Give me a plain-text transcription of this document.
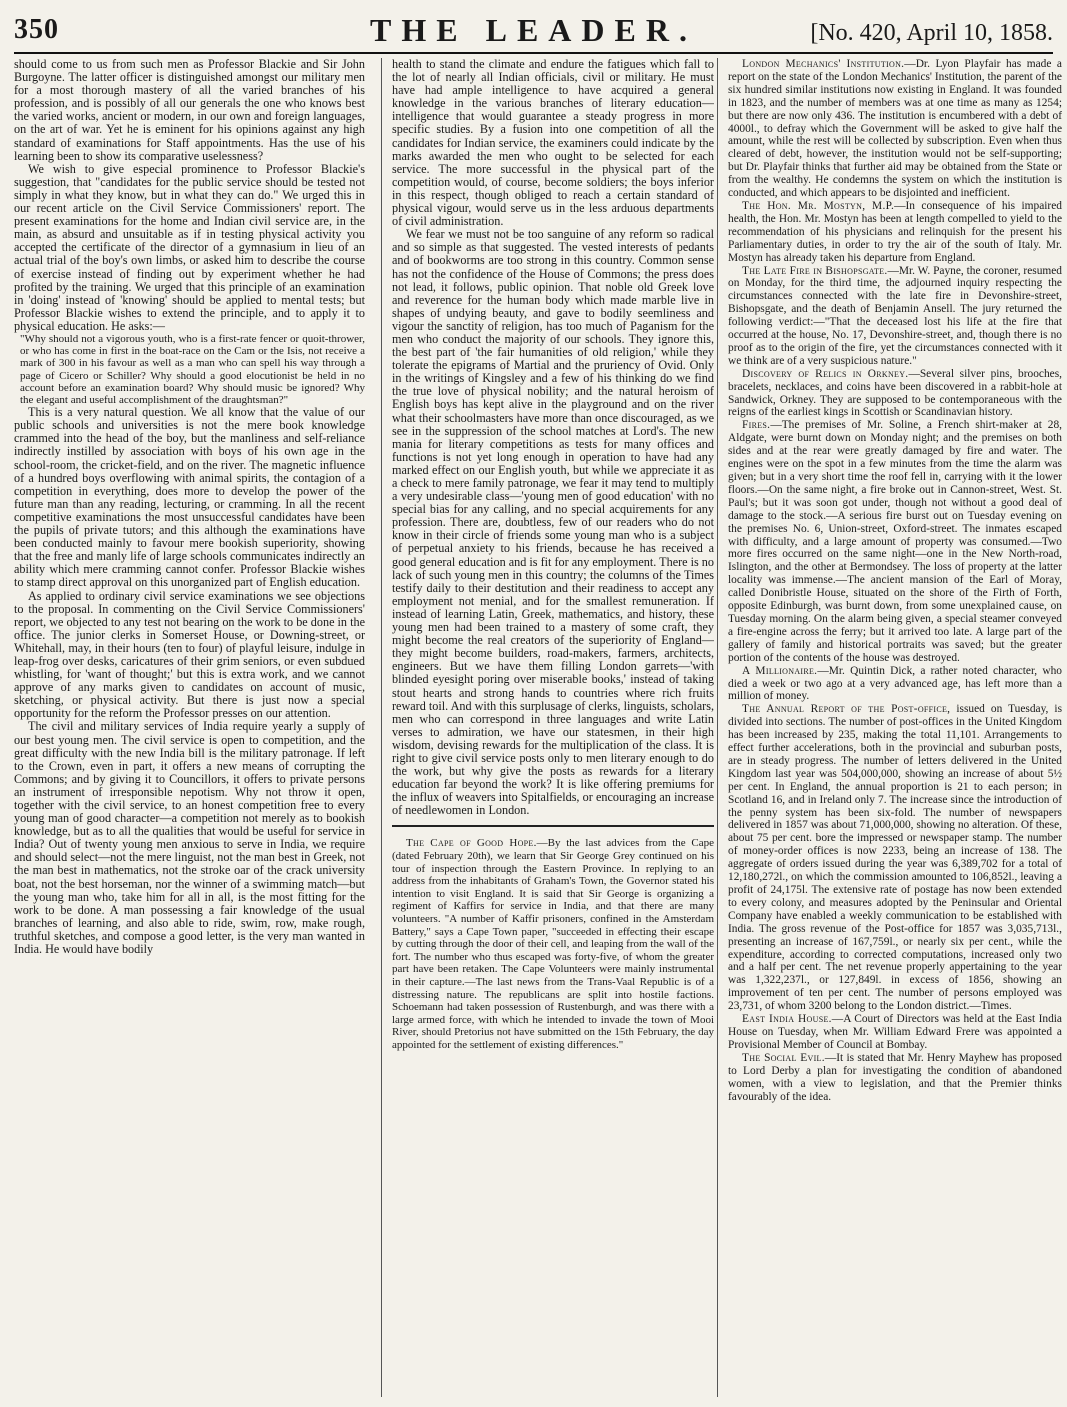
350	THE LEADER.	[No. 420, April 10, 1858.

should come to us from such men as Professor Blackie and Sir John Burgoyne. The latter officer is distinguished amongst our military men for a most thorough mastery of all the varied branches of his profession, and is possibly of all our generals the one who knows best the varied works, ancient or modern, in our own and foreign languages, on the art of war. Yet he is eminent for his opinions against any high standard of examinations for Staff appointments. Has the use of his learning been to show its comparative uselessness?

We wish to give especial prominence to Professor Blackie's suggestion, that "candidates for the public service should be tested not simply in what they know, but in what they can do." We urged this in our recent article on the Civil Service Commissioners' report. The present examinations for the home and Indian civil service are, in the main, as absurd and unsuitable as if in testing physical activity you accepted the certificate of the director of a gymnasium in lieu of an actual trial of the boy's own limbs, or asked him to describe the course of exercise instead of finding out by experiment whether he had profited by the training. We urged that this principle of an examination in 'doing' instead of 'knowing' should be applied to mental tests; but Professor Blackie wishes to extend the principle, and to apply it to physical education. He asks:—

"Why should not a vigorous youth, who is a first-rate fencer or quoit-thrower, or who has come in first in the boat-race on the Cam or the Isis, not receive a mark of 300 in his favour as well as a man who can spell his way through a page of Cicero or Schiller? Why should a good elocutionist be held in no account before an examination board? Why should music be ignored? Why the elegant and useful accomplishment of the draughtsman?"

This is a very natural question. We all know that the value of our public schools and universities is not the mere book knowledge crammed into the head of the boy, but the manliness and self-reliance indirectly instilled by association with boys of his own age in the school-room, the cricket-field, and on the river. The magnetic influence of a hundred boys overflowing with animal spirits, the contagion of a competition in everything, does more to develop the power of the future man than any reading, lecturing, or cramming. In all the recent competitive examinations the most unsuccessful candidates have been the pupils of private tutors; and this although the examinations have been conducted mainly to favour mere bookish superiority, showing that the free and manly life of large schools communicates indirectly an ability which mere cramming cannot confer. Professor Blackie wishes to stamp direct approval on this unorganized part of English education.

As applied to ordinary civil service examinations we see objections to the proposal. In commenting on the Civil Service Commissioners' report, we objected to any test not bearing on the work to be done in the office. The junior clerks in Somerset House, or Downing-street, or Whitehall, may, in their hours (ten to four) of playful leisure, indulge in leap-frog over desks, caricatures of their grim seniors, or even subdued whistling, for 'want of thought;' but this is extra work, and we cannot approve of any marks given to candidates on account of music, sketching, or physical activity. But there is just now a special opportunity for the reform the Professor presses on our attention.

The civil and military services of India require yearly a supply of our best young men. The civil service is open to competition, and the great difficulty with the new India bill is the military patronage. If left to the Crown, even in part, it offers a new means of corrupting the Commons; and by giving it to Councillors, it offers to private persons an instrument of irresponsible nepotism. Why not throw it open, together with the civil service, to an honest competition free to every young man of good character—a competition not merely as to bookish knowledge, but as to all the qualities that would be useful for service in India? Out of twenty young men anxious to serve in India, we require and should select—not the mere linguist, not the man best in Greek, not the man best in mathematics, not the stroke oar of the crack university boat, not the best horseman, nor the winner of a swimming match—but the young man who, take him for all in all, is the most fitting for the work to be done. A man possessing a fair knowledge of the usual branches of learning, and also able to ride, swim, row, make rough, truthful sketches, and compose a good letter, is the very man wanted in India. He would have bodily

health to stand the climate and endure the fatigues which fall to the lot of nearly all Indian officials, civil or military. He must have had ample intelligence to have acquired a general knowledge in the various branches of literary education—intelligence that would guarantee a steady progress in more specific studies. By a fusion into one competition of all the candidates for Indian service, the examiners could indicate by the marks awarded the men who ought to be selected for each service. The more successful in the physical part of the competition would, of course, become soldiers; the boys inferior in this respect, though obliged to reach a certain standard of physical vigour, would serve us in the less arduous departments of civil administration.

We fear we must not be too sanguine of any reform so radical and so simple as that suggested. The vested interests of pedants and of bookworms are too strong in this country. Common sense has not the confidence of the House of Commons; the press does not lead, it follows, public opinion. That noble old Greek love and reverence for the human body which made marble live in shapes of undying beauty, and gave to bodily seemliness and vigour the sanctity of religion, has too much of Paganism for the men who conduct the majority of our schools. They ignore this, the best part of 'the fair humanities of old religion,' while they tolerate the epigrams of Martial and the pruriency of Ovid. Only in the writings of Kingsley and a few of his thinking do we find the true love of physical nobility; and the natural heroism of English boys has kept alive in the playground and on the river what their schoolmasters have more than once discouraged, as we see in the suppression of the school matches at Lord's. The new mania for literary competitions as tests for many offices and functions is not yet long enough in operation to have had any marked effect on our English youth, but while we appreciate it as a check to mere family patronage, we fear it may tend to multiply a very undesirable class—'young men of good education' with no special bias for any calling, and no special acquirements for any profession. There are, doubtless, few of our readers who do not know in their circle of friends some young man who is a subject of perpetual anxiety to his friends, because he has received a good general education and is fit for any employment. There is no lack of such young men in this country; the columns of the Times testify daily to their destitution and their readiness to accept any employment not menial, and for the smallest remuneration. If instead of learning Latin, Greek, mathematics, and history, these young men had been trained to a mastery of some craft, they might become the real creators of the superiority of England—they might become builders, road-makers, farmers, architects, engineers. But we have them filling London garrets—'with blinded eyesight poring over miserable books,' instead of taking stout hearts and strong hands to countries where rich fruits reward toil. And with this surplusage of clerks, linguists, scholars, men who can correspond in three languages and write Latin verses to admiration, we have our statesmen, in their high wisdom, devising rewards for the multiplication of the class. It is right to give civil service posts only to men literary enough to do the work, but why give the posts as rewards for a literary education far beyond the work? It is like offering premiums for the influx of weavers into Spitalfields, or encouraging an increase of needlewomen in London.

The Cape of Good Hope.—By the last advices from the Cape (dated February 20th), we learn that Sir George Grey continued on his tour of inspection through the Eastern Province. In replying to an address from the inhabitants of Graham's Town, the Governor stated his intention to visit England. It is said that Sir George is organizing a regiment of Kaffirs for service in India, and that there are many volunteers. "A number of Kaffir prisoners, confined in the Amsterdam Battery," says a Cape Town paper, "succeeded in effecting their escape by cutting through the door of their cell, and leaping from the wall of the fort. The number who thus escaped was forty-five, of whom the greater part have been retaken. The Cape Volunteers were mainly instrumental in their capture.—The last news from the Trans-Vaal Republic is of a distressing nature. The republicans are split into hostile factions. Schoemann had taken possession of Rustenburgh, and was there with a large armed force, with which he intended to invade the town of Mooi River, should Pretorius not have submitted on the 15th February, the day appointed for the settlement of existing differences."

London Mechanics' Institution.—Dr. Lyon Playfair has made a report on the state of the London Mechanics' Institution, the parent of the six hundred similar institutions now existing in England. It was founded in 1823, and the number of members was at one time as many as 1254; but there are now only 436. The institution is encumbered with a debt of 4000l., to defray which the Government will be asked to give half the amount, while the rest will be collected by subscription. Even when thus cleared of debt, however, the institution would not be self-supporting; but Dr. Playfair thinks that further aid may be obtained from the State or from the wealthy. He condemns the system on which the institution is conducted, and which appears to be disjointed and inefficient.

The Hon. Mr. Mostyn, M.P.—In consequence of his impaired health, the Hon. Mr. Mostyn has been at length compelled to yield to the recommendation of his physicians and relinquish for the present his Parliamentary duties, in order to try the air of the south of Italy. Mr. Mostyn has already taken his departure from England.

The Late Fire in Bishopsgate.—Mr. W. Payne, the coroner, resumed on Monday, for the third time, the adjourned inquiry respecting the circumstances connected with the late fire in Devonshire-street, Bishopsgate, and the death of Benjamin Ansell. The jury returned the following verdict:—"That the deceased lost his life at the fire that occurred at the house, No. 17, Devonshire-street, and, though there is no proof as to the origin of the fire, yet the circumstances connected with it we think are of a very suspicious nature."

Discovery of Relics in Orkney.—Several silver pins, brooches, bracelets, necklaces, and coins have been discovered in a rabbit-hole at Sandwick, Orkney. They are supposed to be contemporaneous with the reigns of the earliest kings in Scottish or Scandinavian history.

Fires.—The premises of Mr. Soline, a French shirt-maker at 28, Aldgate, were burnt down on Monday night; and the premises on both sides and at the rear were greatly damaged by fire and water. The engines were on the spot in a few minutes from the time the alarm was given; but in a very short time the roof fell in, carrying with it the lower floors.—On the same night, a fire broke out in Cannon-street, West. St. Paul's; but it was soon got under, though not without a good deal of damage to the stock.—A serious fire burst out on Tuesday evening on the premises No. 6, Union-street, Oxford-street. The inmates escaped with difficulty, and a large amount of property was consumed.—Two more fires occurred on the same night—one in the New North-road, Islington, and the other at Bermondsey. The loss of property at the latter locality was immense.—The ancient mansion of the Earl of Moray, called Donibristle House, situated on the shore of the Firth of Forth, opposite Edinburgh, was burnt down, from some unexplained cause, on Tuesday morning. On the alarm being given, a special steamer conveyed a fire-engine across the ferry; but it arrived too late. A large part of the gallery of family and historical portraits was saved; but the greater portion of the contents of the house was destroyed.

A Millionaire.—Mr. Quintin Dick, a rather noted character, who died a week or two ago at a very advanced age, has left more than a million of money.

The Annual Report of the Post-office, issued on Tuesday, is divided into sections. The number of post-offices in the United Kingdom has been increased by 235, making the total 11,101. Arrangements to effect further accelerations, both in the provincial and suburban posts, are in steady progress. The number of letters delivered in the United Kingdom last year was 504,000,000, showing an increase of about 5½ per cent. In England, the annual proportion is 21 to each person; in Scotland 16, and in Ireland only 7. The increase since the introduction of the penny system has been six-fold. The number of newspapers delivered in 1857 was about 71,000,000, showing no alteration. Of these, about 75 per cent. bore the impressed or newspaper stamp. The number of money-order offices is now 2233, being an increase of 138. The aggregate of orders issued during the year was 6,389,702 for a total of 12,180,272l., on which the commission amounted to 106,852l., leaving a profit of 24,175l. The extensive rate of postage has now been extended to every colony, and measures adopted by the Peninsular and Oriental Company have enabled a weekly communication to be established with India. The gross revenue of the Post-office for 1857 was 3,035,713l., presenting an increase of 167,759l., or nearly six per cent., while the expenditure, according to corrected computations, increased only two and a half per cent. The net revenue properly appertaining to the year was 1,322,237l., or 127,849l. in excess of 1856, showing an improvement of ten per cent. The number of persons employed was 23,731, of whom 3200 belong to the London district.—Times.

East India House.—A Court of Directors was held at the East India House on Tuesday, when Mr. William Edward Frere was appointed a Provisional Member of Council at Bombay.

The Social Evil.—It is stated that Mr. Henry Mayhew has proposed to Lord Derby a plan for investigating the condition of abandoned women, with a view to legislation, and that the Premier thinks favourably of the idea.
